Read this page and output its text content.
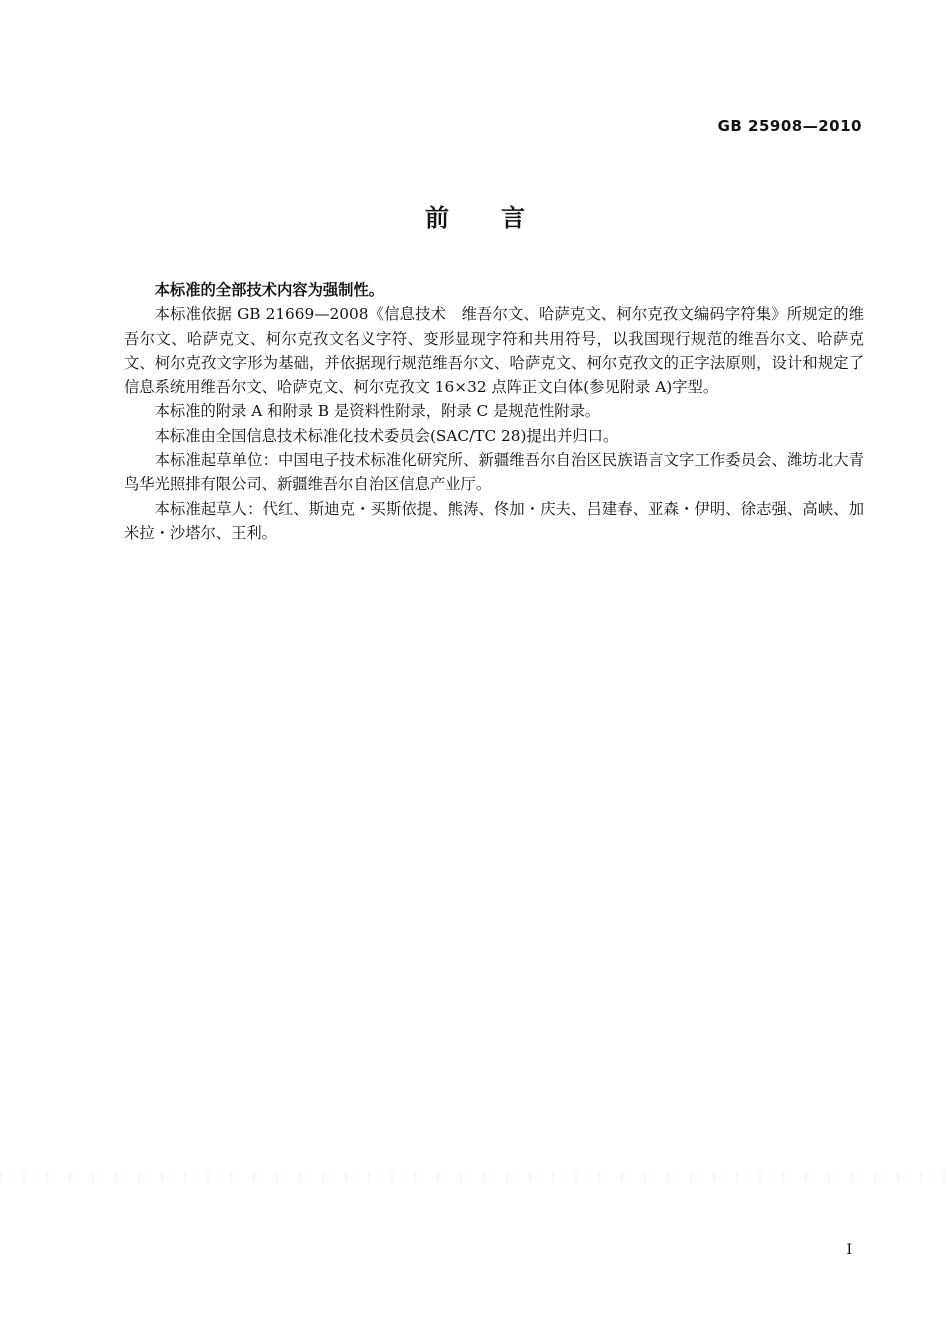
GB 25908—2010
前言

本标准的全部技术内容为强制性。

本标准依据 GB 21669—2008《信息技术　维吾尔文、哈萨克文、柯尔克孜文编码字符集》所规定的维吾尔文、哈萨克文、柯尔克孜文名义字符、变形显现字符和共用符号，以我国现行规范的维吾尔文、哈萨克文、柯尔克孜文字形为基础，并依据现行规范维吾尔文、哈萨克文、柯尔克孜文的正字法原则，设计和规定了信息系统用维吾尔文、哈萨克文、柯尔克孜文 16×32 点阵正文白体(参见附录 A)字型。

本标准的附录 A 和附录 B 是资料性附录，附录 C 是规范性附录。

本标准由全国信息技术标准化技术委员会(SAC/TC 28)提出并归口。

本标准起草单位：中国电子技术标准化研究所、新疆维吾尔自治区民族语言文字工作委员会、潍坊北大青鸟华光照排有限公司、新疆维吾尔自治区信息产业厅。

本标准起草人：代红、斯迪克・买斯依提、熊涛、佟加・庆夫、吕建春、亚森・伊明、徐志强、高峡、加米拉・沙塔尔、王利。

I
